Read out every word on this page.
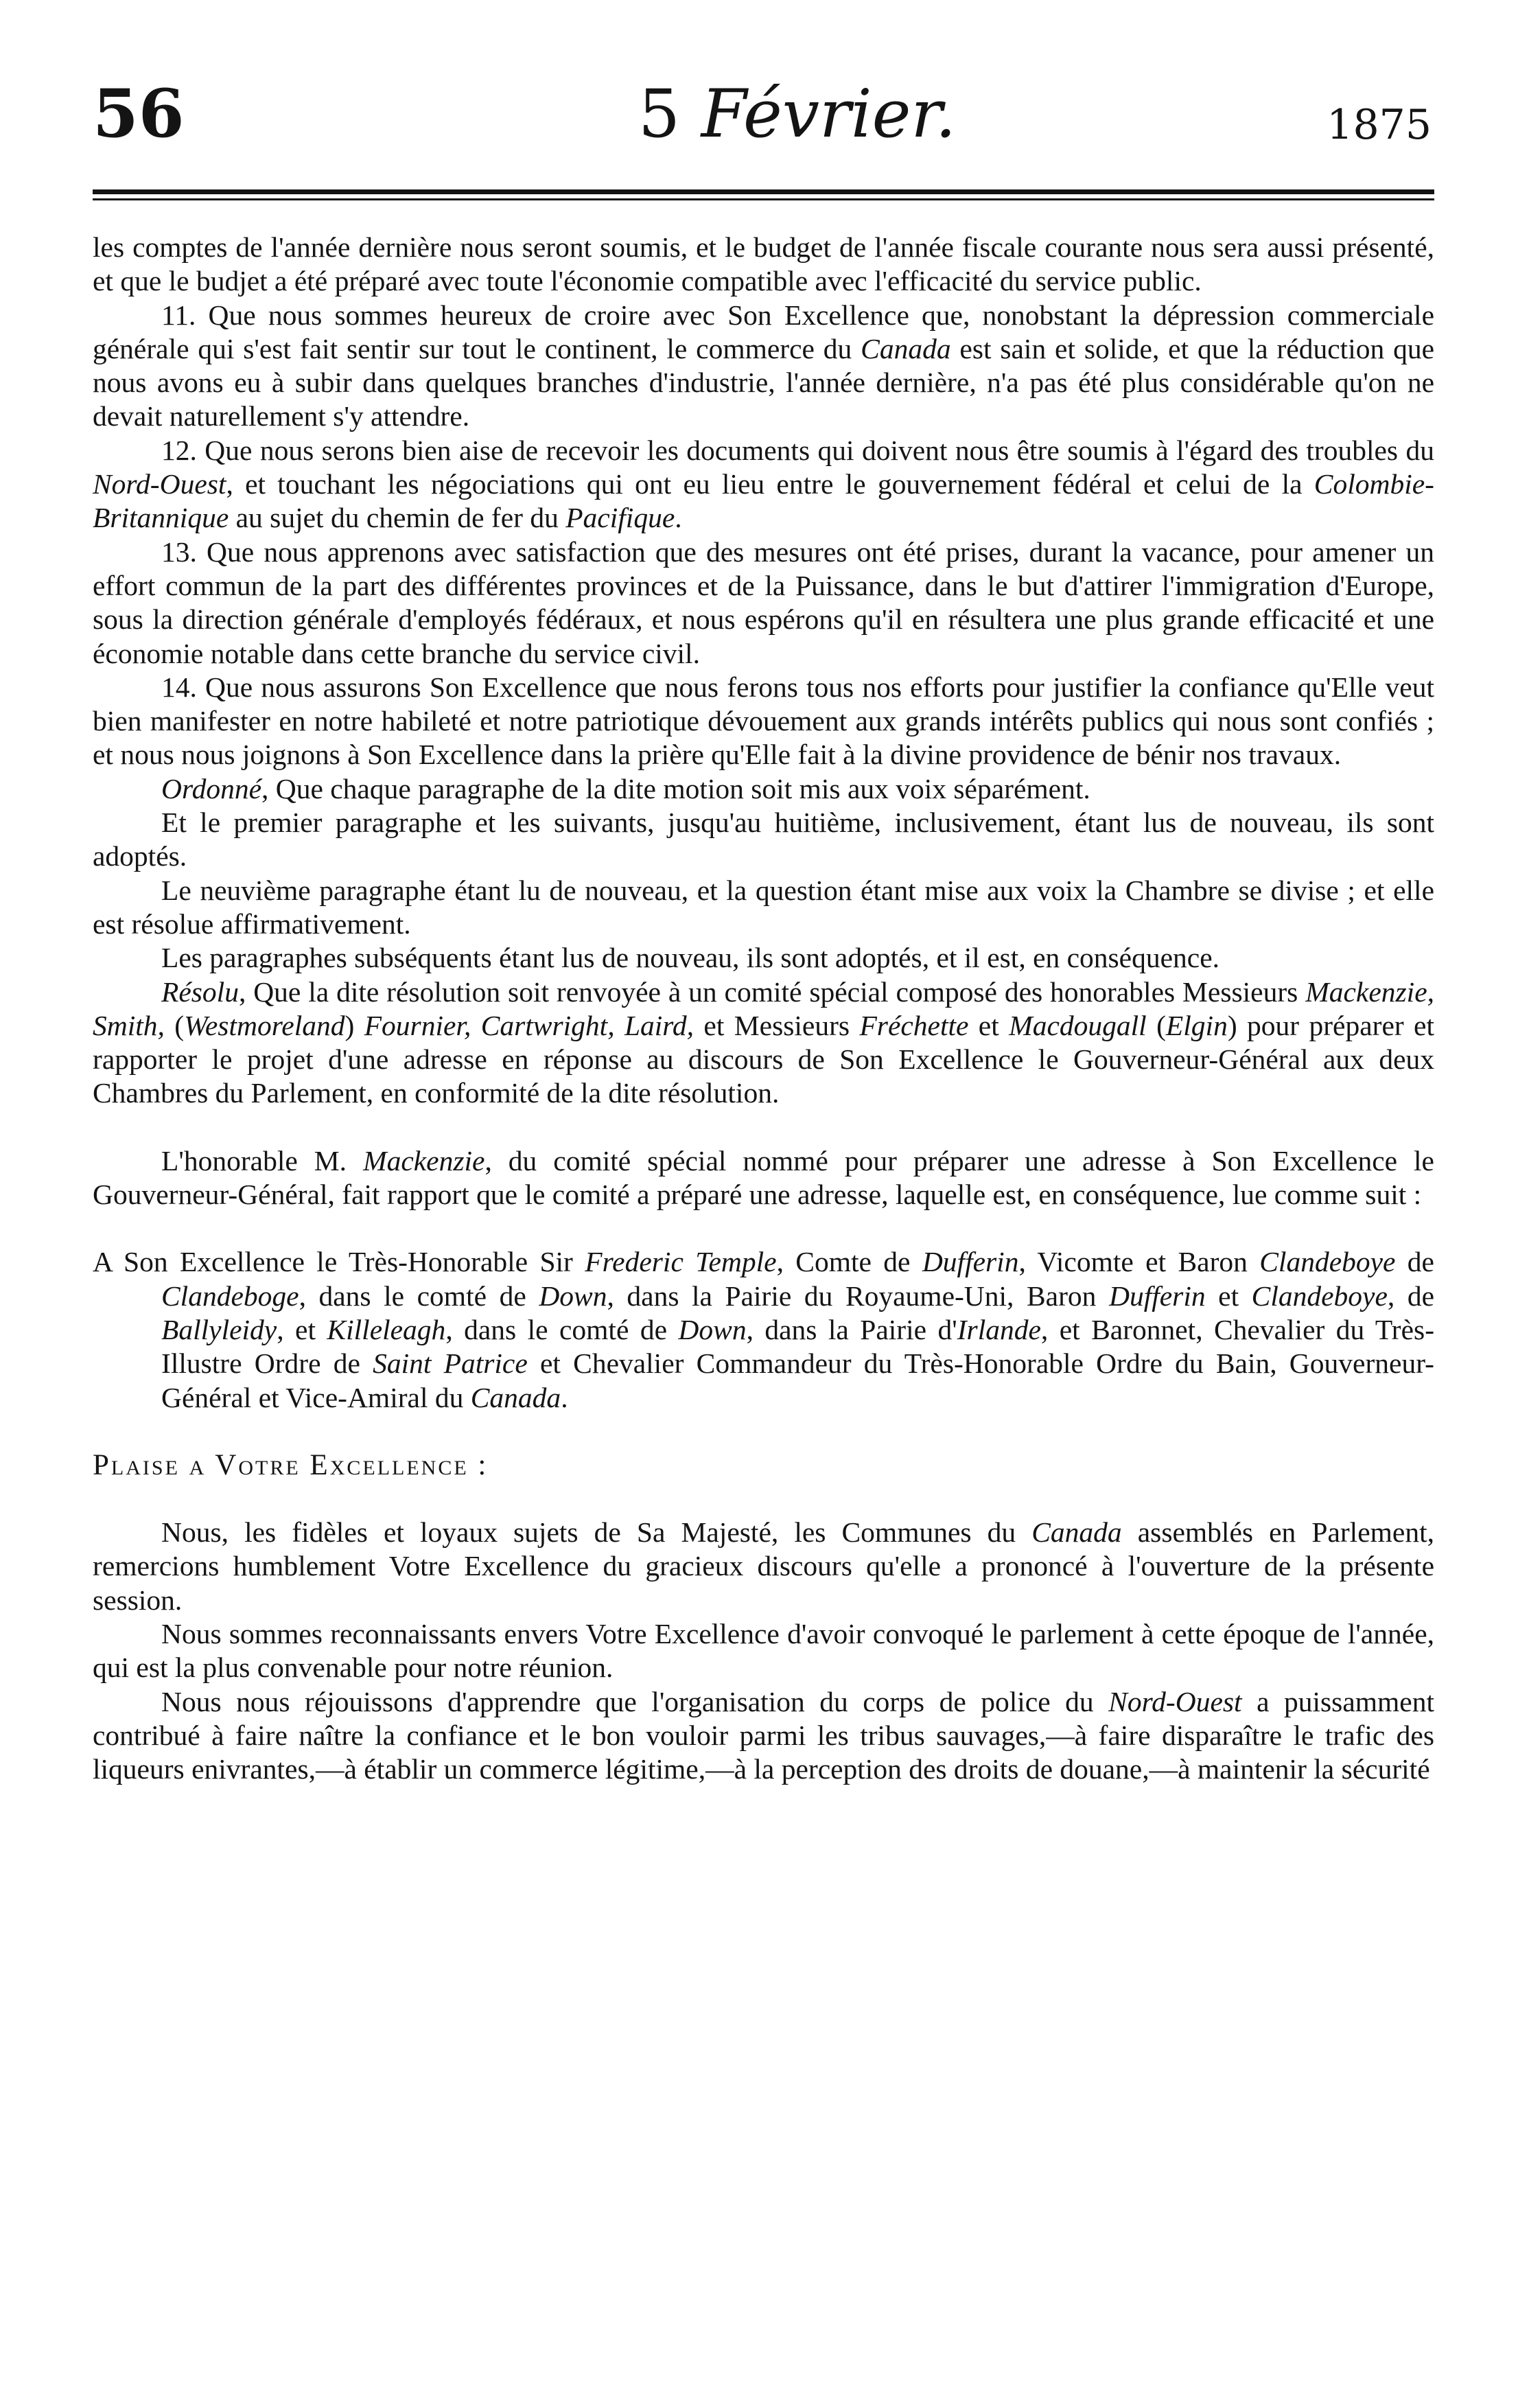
56	5 Février.	1875

les comptes de l'année dernière nous seront soumis, et le budget de l'année fiscale courante nous sera aussi présenté, et que le budjet a été préparé avec toute l'économie compatible avec l'efficacité du service public.

11. Que nous sommes heureux de croire avec Son Excellence que, nonobstant la dépression commerciale générale qui s'est fait sentir sur tout le continent, le commerce du Canada est sain et solide, et que la réduction que nous avons eu à subir dans quelques branches d'industrie, l'année dernière, n'a pas été plus considérable qu'on ne devait naturellement s'y attendre.

12. Que nous serons bien aise de recevoir les documents qui doivent nous être soumis à l'égard des troubles du Nord-Ouest, et touchant les négociations qui ont eu lieu entre le gouvernement fédéral et celui de la Colombie-Britannique au sujet du chemin de fer du Pacifique.

13. Que nous apprenons avec satisfaction que des mesures ont été prises, durant la vacance, pour amener un effort commun de la part des différentes provinces et de la Puissance, dans le but d'attirer l'immigration d'Europe, sous la direction générale d'employés fédéraux, et nous espérons qu'il en résultera une plus grande efficacité et une économie notable dans cette branche du service civil.

14. Que nous assurons Son Excellence que nous ferons tous nos efforts pour justifier la confiance qu'Elle veut bien manifester en notre habileté et notre patriotique dévouement aux grands intérêts publics qui nous sont confiés ; et nous nous joignons à Son Excellence dans la prière qu'Elle fait à la divine providence de bénir nos travaux.

Ordonné, Que chaque paragraphe de la dite motion soit mis aux voix séparément.

Et le premier paragraphe et les suivants, jusqu'au huitième, inclusivement, étant lus de nouveau, ils sont adoptés.

Le neuvième paragraphe étant lu de nouveau, et la question étant mise aux voix la Chambre se divise ; et elle est résolue affirmativement.

Les paragraphes subséquents étant lus de nouveau, ils sont adoptés, et il est, en conséquence.

Résolu, Que la dite résolution soit renvoyée à un comité spécial composé des honorables Messieurs Mackenzie, Smith, (Westmoreland) Fournier, Cartwright, Laird, et Messieurs Fréchette et Macdougall (Elgin) pour préparer et rapporter le projet d'une adresse en réponse au discours de Son Excellence le Gouverneur-Général aux deux Chambres du Parlement, en conformité de la dite résolution.

L'honorable M. Mackenzie, du comité spécial nommé pour préparer une adresse à Son Excellence le Gouverneur-Général, fait rapport que le comité a préparé une adresse, laquelle est, en conséquence, lue comme suit :

A Son Excellence le Très-Honorable Sir Frederic Temple, Comte de Dufferin, Vicomte et Baron Clandeboye de Clandeboge, dans le comté de Down, dans la Pairie du Royaume-Uni, Baron Dufferin et Clandeboye, de Ballyleidy, et Killeleagh, dans le comté de Down, dans la Pairie d'Irlande, et Baronnet, Chevalier du Très-Illustre Ordre de Saint Patrice et Chevalier Commandeur du Très-Honorable Ordre du Bain, Gouverneur-Général et Vice-Amiral du Canada.

Plaise a Votre Excellence :

Nous, les fidèles et loyaux sujets de Sa Majesté, les Communes du Canada assemblés en Parlement, remercions humblement Votre Excellence du gracieux discours qu'elle a prononcé à l'ouverture de la présente session.

Nous sommes reconnaissants envers Votre Excellence d'avoir convoqué le parlement à cette époque de l'année, qui est la plus convenable pour notre réunion.

Nous nous réjouissons d'apprendre que l'organisation du corps de police du Nord-Ouest a puissamment contribué à faire naître la confiance et le bon vouloir parmi les tribus sauvages,—à faire disparaître le trafic des liqueurs enivrantes,—à établir un commerce légitime,—à la perception des droits de douane,—à maintenir la sécurité
